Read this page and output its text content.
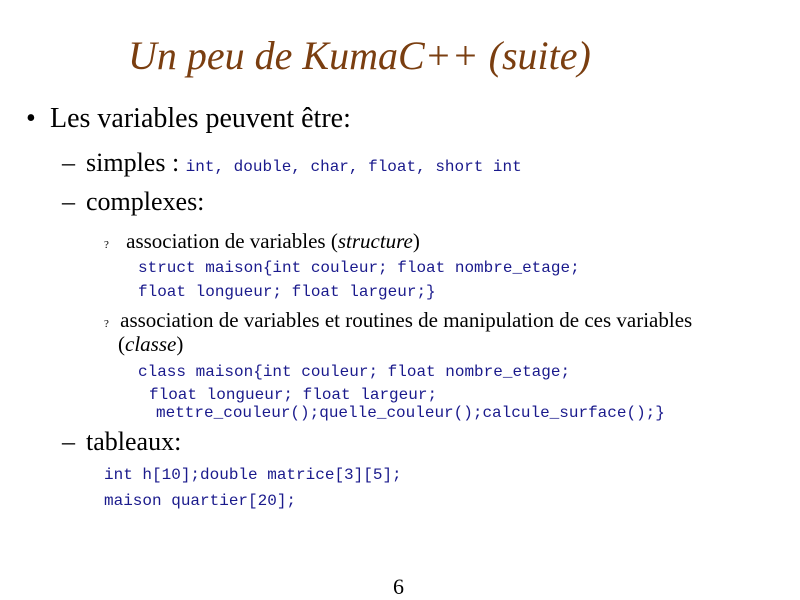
Un peu de KumaC++ (suite)
• Les variables peuvent être:
– simples : int, double, char, float, short int
– complexes:
? association de variables (structure)
struct maison{int couleur; float nombre_etage;
float longueur; float largeur;}
? association de variables et routines de manipulation de ces variables
(classe)
class maison{int couleur; float nombre_etage;
float longueur; float largeur;
mettre_couleur();quelle_couleur();calcule_surface();}
– tableaux:
int h[10];double matrice[3][5];
maison quartier[20];
6
